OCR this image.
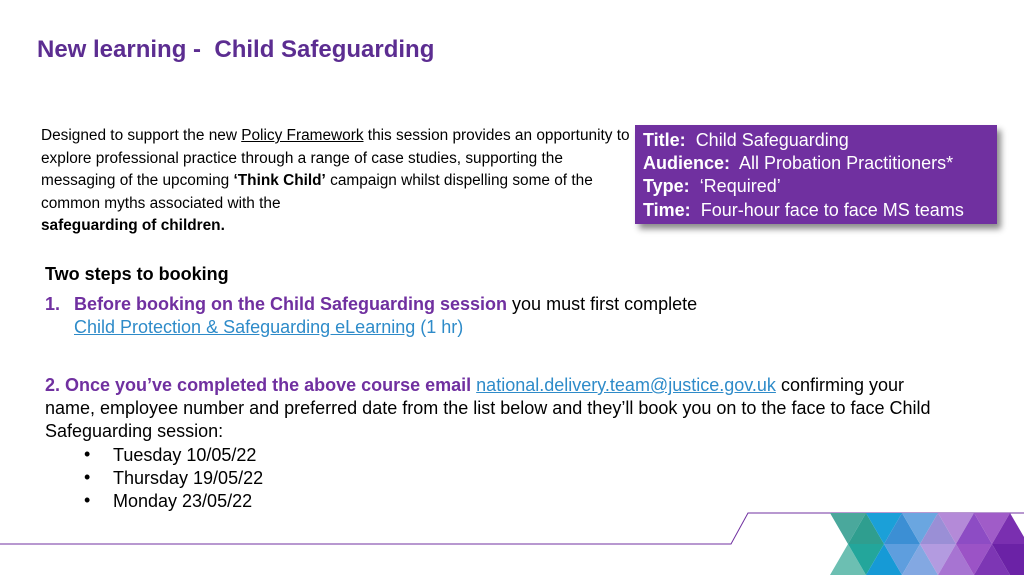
New learning -  Child Safeguarding
Designed to support the new Policy Framework this session provides an opportunity to explore professional practice through a range of case studies, supporting the messaging of the upcoming ‘Think Child’ campaign whilst dispelling some of the common myths associated with the
safeguarding of children.
Title: Child Safeguarding
Audience: All Probation Practitioners*
Type: ‘Required’
Time: Four-hour face to face MS teams
Two steps to booking
1. Before booking on the Child Safeguarding session you must first complete
Child Protection & Safeguarding eLearning (1 hr)
2. Once you’ve completed the above course email national.delivery.team@justice.gov.uk confirming your name, employee number and preferred date from the list below and they’ll book you on to the face to face Child Safeguarding session:
• Tuesday 10/05/22
• Thursday 19/05/22
• Monday 23/05/22
